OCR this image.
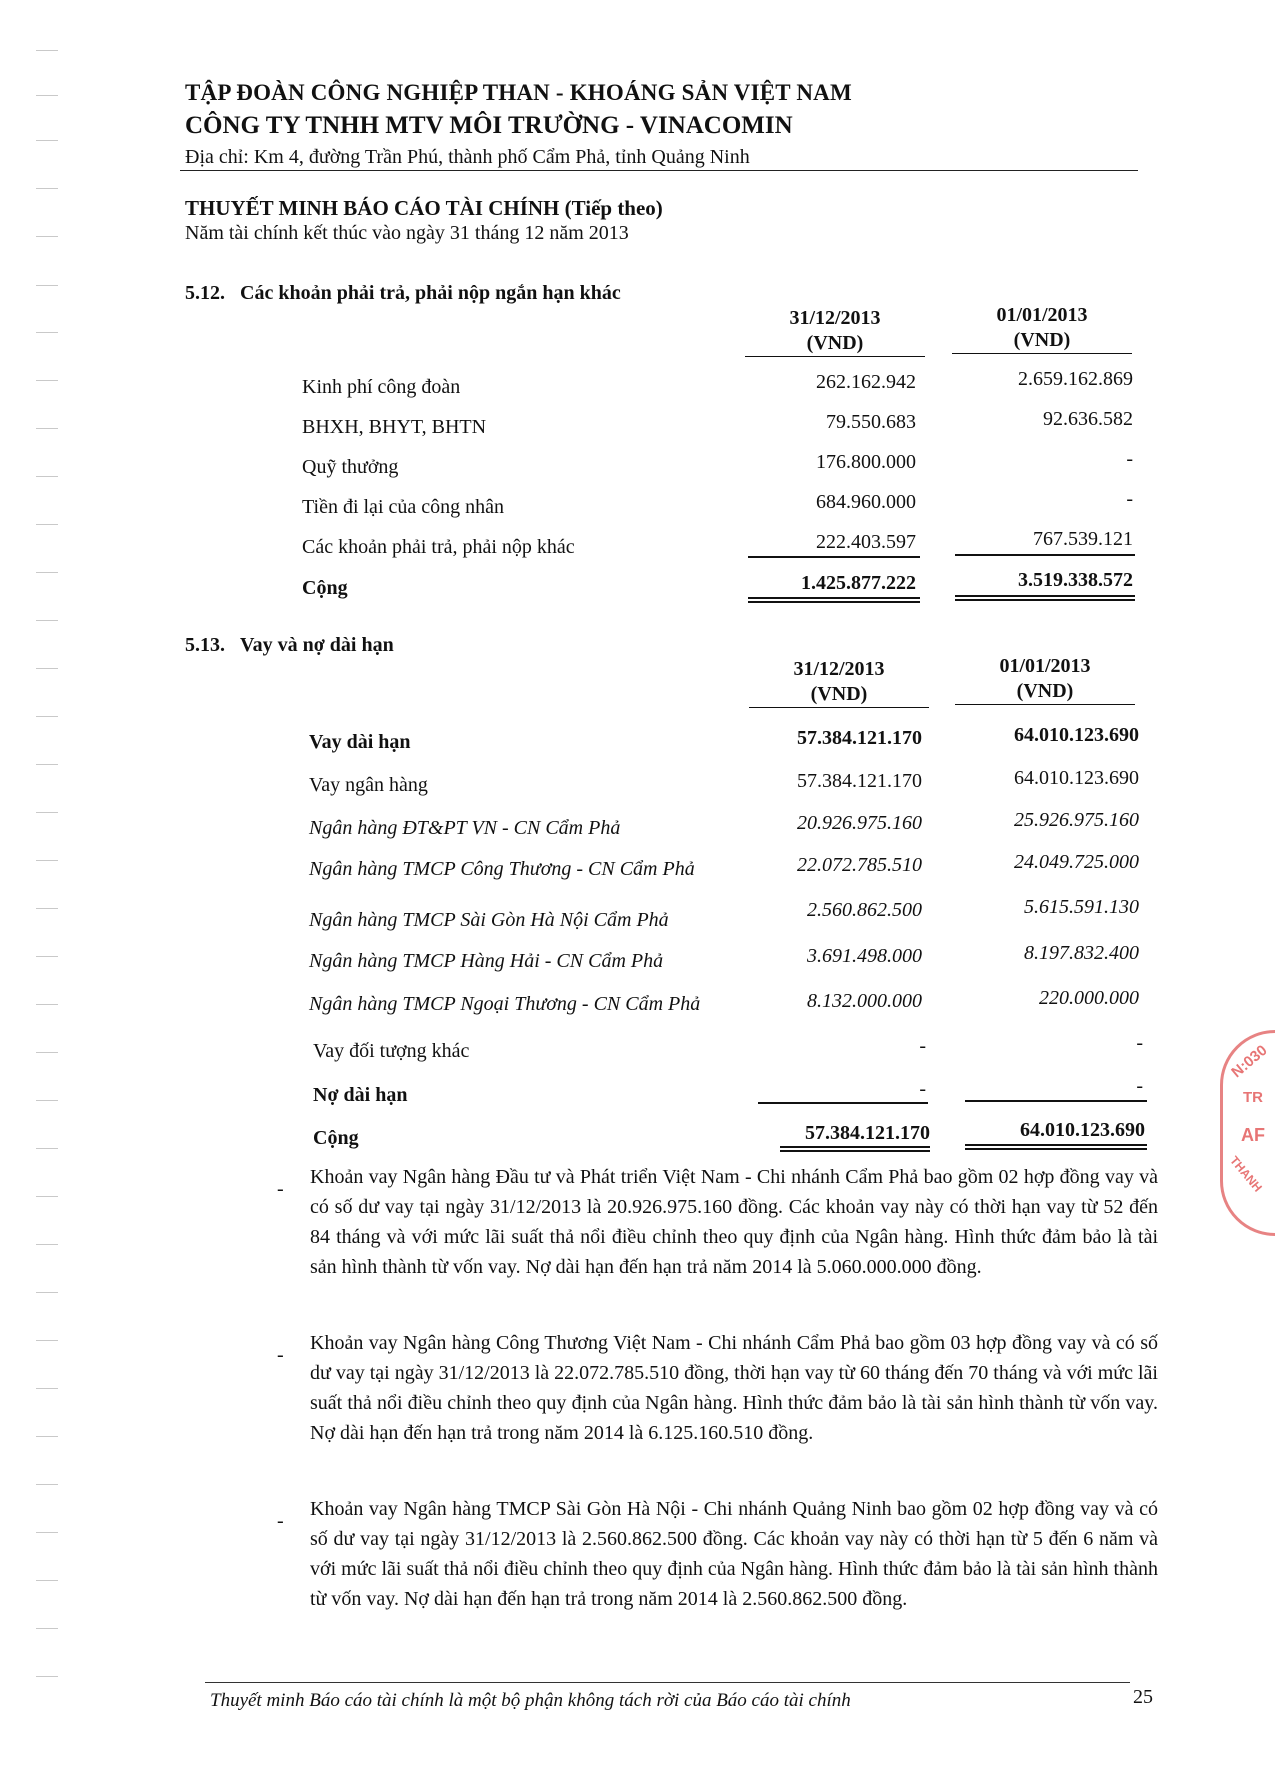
TẬP ĐOÀN CÔNG NGHIỆP THAN - KHOÁNG SẢN VIỆT NAM
CÔNG TY TNHH MTV MÔI TRƯỜNG - VINACOMIN
Địa chỉ: Km 4, đường Trần Phú, thành phố Cẩm Phả, tỉnh Quảng Ninh
THUYẾT MINH BÁO CÁO TÀI CHÍNH (Tiếp theo)
Năm tài chính kết thúc vào ngày 31 tháng 12 năm 2013
5.12. Các khoản phải trả, phải nộp ngắn hạn khác
31/12/2013
(VND)
01/01/2013
(VND)
Kinh phí công đoàn	262.162.942	2.659.162.869
BHXH, BHYT, BHTN	79.550.683	92.636.582
Quỹ thưởng	176.800.000	-
Tiền đi lại của công nhân	684.960.000	-
Các khoản phải trả, phải nộp khác	222.403.597	767.539.121
Cộng	1.425.877.222	3.519.338.572
5.13. Vay và nợ dài hạn
31/12/2013
(VND)
01/01/2013
(VND)
Vay dài hạn	57.384.121.170	64.010.123.690
Vay ngân hàng	57.384.121.170	64.010.123.690
Ngân hàng ĐT&PT VN - CN Cẩm Phả	20.926.975.160	25.926.975.160
Ngân hàng TMCP Công Thương - CN Cẩm Phả	22.072.785.510	24.049.725.000
Ngân hàng TMCP Sài Gòn Hà Nội Cẩm Phả	2.560.862.500	5.615.591.130
Ngân hàng TMCP Hàng Hải - CN Cẩm Phả	3.691.498.000	8.197.832.400
Ngân hàng TMCP Ngoại Thương - CN Cẩm Phả	8.132.000.000	220.000.000
Vay đối tượng khác	-	-
Nợ dài hạn	-	-
Cộng	57.384.121.170	64.010.123.690
-
Khoản vay Ngân hàng Đầu tư và Phát triển Việt Nam - Chi nhánh Cẩm Phả bao gồm 02 hợp đồng vay và có số dư vay tại ngày 31/12/2013 là 20.926.975.160 đồng. Các khoản vay này có thời hạn vay từ 52 đến 84 tháng và với mức lãi suất thả nổi điều chỉnh theo quy định của Ngân hàng. Hình thức đảm bảo là tài sản hình thành từ vốn vay. Nợ dài hạn đến hạn trả năm 2014 là 5.060.000.000 đồng.
-
Khoản vay Ngân hàng Công Thương Việt Nam - Chi nhánh Cẩm Phả bao gồm 03 hợp đồng vay và có số dư vay tại ngày 31/12/2013 là 22.072.785.510 đồng, thời hạn vay từ 60 tháng đến 70 tháng và với mức lãi suất thả nổi điều chỉnh theo quy định của Ngân hàng. Hình thức đảm bảo là tài sản hình thành từ vốn vay. Nợ dài hạn đến hạn trả trong năm 2014 là 6.125.160.510 đồng.
-
Khoản vay Ngân hàng TMCP Sài Gòn Hà Nội - Chi nhánh Quảng Ninh bao gồm 02 hợp đồng vay và có số dư vay tại ngày 31/12/2013 là 2.560.862.500 đồng. Các khoản vay này có thời hạn từ 5 đến 6 năm và với mức lãi suất thả nổi điều chỉnh theo quy định của Ngân hàng. Hình thức đảm bảo là tài sản hình thành từ vốn vay. Nợ dài hạn đến hạn trả trong năm 2014 là 2.560.862.500 đồng.
N:030
TR
AF
THANH
Thuyết minh Báo cáo tài chính là một bộ phận không tách rời của Báo cáo tài chính	25
